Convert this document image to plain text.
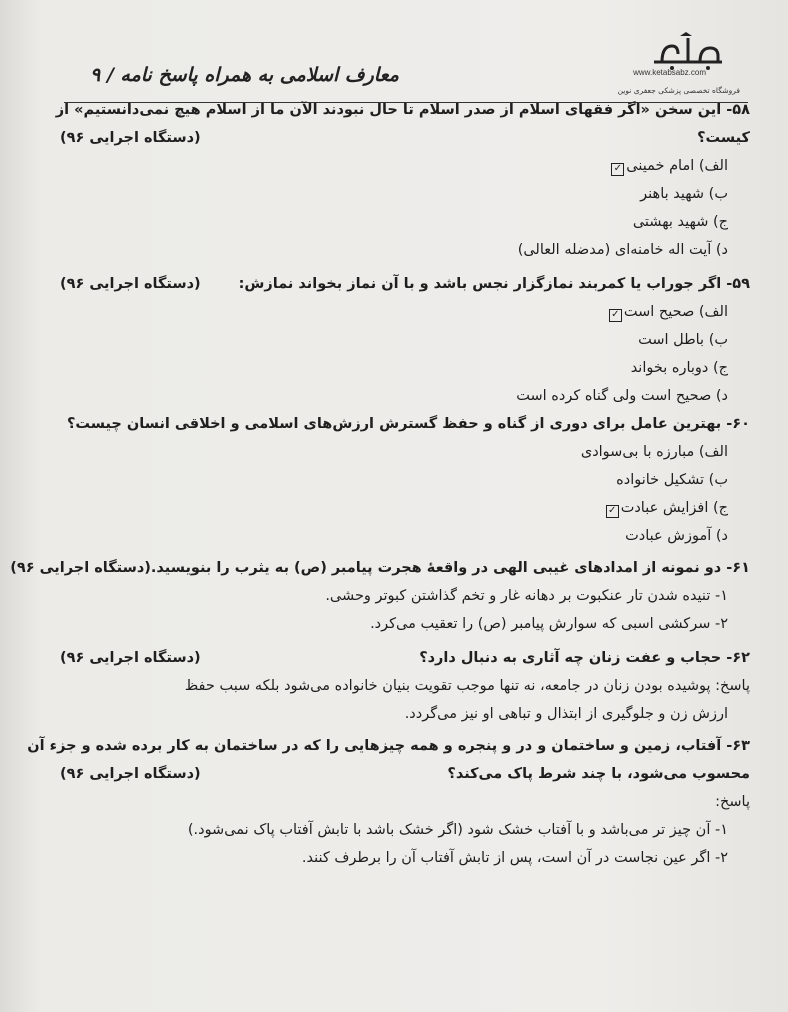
معارف اسلامی به همراه پاسخ نامه / ۹	www.ketabsabz.com
فروشگاه تخصصی پزشکی جعفری نوین
۵۸- این سخن «اگر فقهای اسلام از صدر اسلام تا حال نبودند الآن ما از اسلام هیچ نمی‌دانستیم» از
کیست؟
(دستگاه اجرایی ۹۶)
الف) امام خمینی✓
ب) شهید باهنر
ج) شهید بهشتی
د) آیت اله خامنه‌ای (مدضله العالی)
۵۹- اگر جوراب یا کمربند نمازگزار نجس باشد و با آن نماز بخواند نمازش:
(دستگاه اجرایی ۹۶)
الف) صحیح است✓
ب) باطل است
ج) دوباره بخواند
د) صحیح است ولی گناه کرده است
۶۰- بهترین عامل برای دوری از گناه و حفظ گسترش ارزش‌های اسلامی و اخلاقی انسان چیست؟
الف) مبارزه با بی‌سوادی
ب) تشکیل خانواده
ج) افزایش عبادت✓
د) آموزش عبادت
۶۱- دو نمونه از امدادهای غیبی الهی در واقعهٔ هجرت پیامبر (ص) به یثرب را بنویسید.(دستگاه اجرایی ۹۶)
۱- تنیده شدن تار عنکبوت بر دهانه غار و تخم گذاشتن کبوتر وحشی.
۲- سرکشی اسبی که سوارش پیامبر (ص) را تعقیب می‌کرد.
۶۲- حجاب و عفت زنان چه آثاری به دنبال دارد؟
(دستگاه اجرایی ۹۶)
پاسخ: پوشیده بودن زنان در جامعه، نه تنها موجب تقویت بنیان خانواده می‌شود بلکه سبب حفظ
ارزش زن و جلوگیری از ابتذال و تباهی او نیز می‌گردد.
۶۳- آفتاب، زمین و ساختمان و در و پنجره و همه چیزهایی را که در ساختمان به کار برده شده و جزء آن
محسوب می‌شود، با چند شرط پاک می‌کند؟
(دستگاه اجرایی ۹۶)
پاسخ:
۱- آن چیز تر می‌باشد و با آفتاب خشک شود (اگر خشک باشد با تابش آفتاب پاک نمی‌شود.)
۲- اگر عین نجاست در آن است، پس از تابش آفتاب آن را برطرف کنند.
